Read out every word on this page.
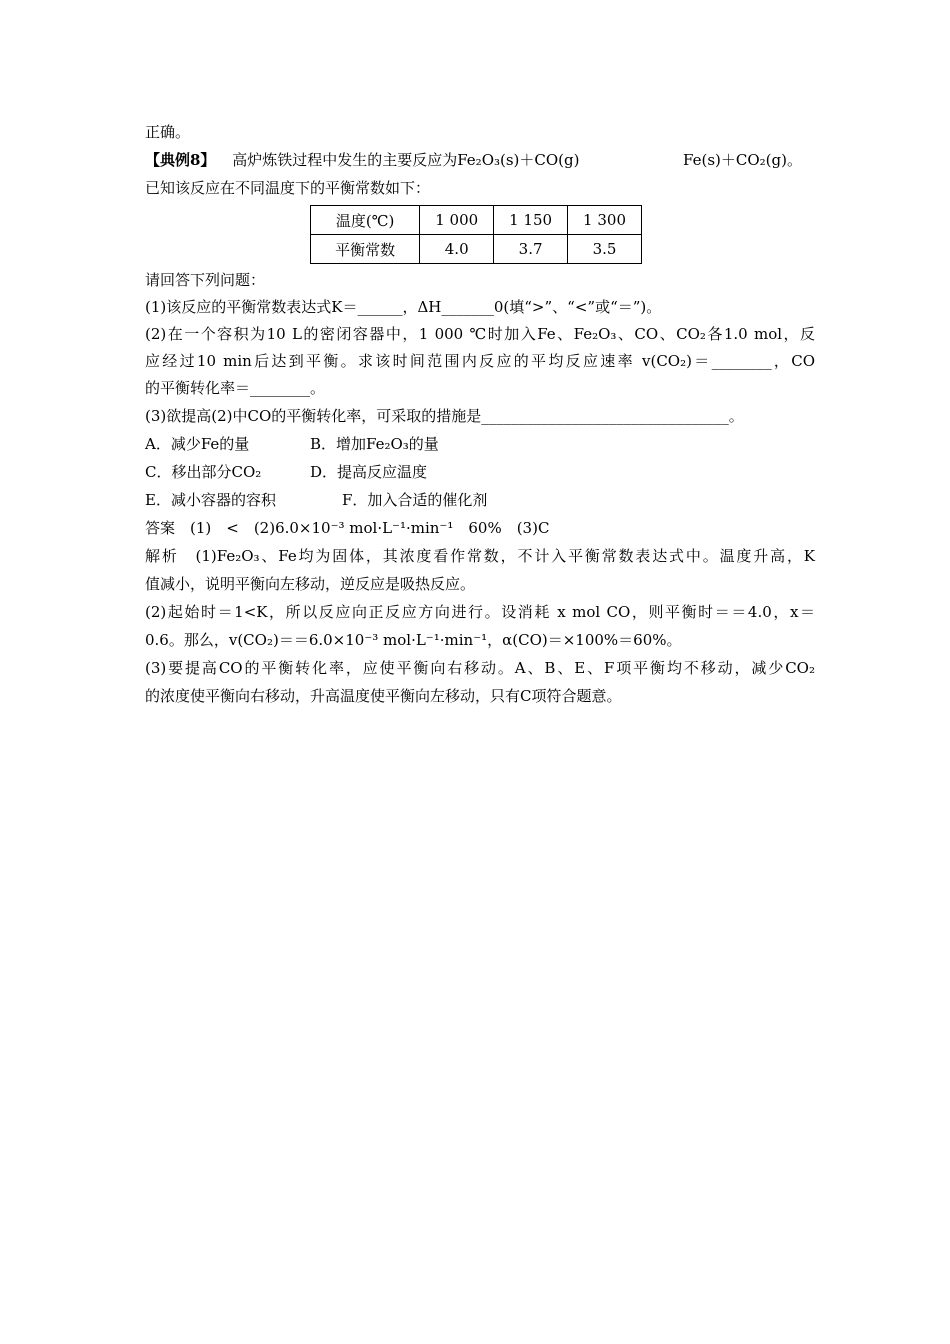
正确。
【典例8】 高炉炼铁过程中发生的主要反应为Fe₂O₃(s)＋CO(g)	Fe(s)＋CO₂(g)。
已知该反应在不同温度下的平衡常数如下：
温度(℃)	1 000	1 150	1 300
平衡常数	4.0	3.7	3.5
请回答下列问题：
(1)该反应的平衡常数表达式K＝______，ΔH_______0(填“>”、“<”或“＝”)。
(2)在一个容积为10 L的密闭容器中，1 000 ℃时加入Fe、Fe₂O₃、CO、CO₂各1.0 mol，反
应经过10 min后达到平衡。求该时间范围内反应的平均反应速率 v(CO₂)＝________，CO
的平衡转化率＝________。
(3)欲提高(2)中CO的平衡转化率，可采取的措施是_________________________________。
A．减少Fe的量	B．增加Fe₂O₃的量
C．移出部分CO₂	D．提高反应温度
E．减小容器的容积	F．加入合适的催化剂
答案　(1)　<　(2)6.0×10⁻³ mol·L⁻¹·min⁻¹　60%　(3)C
解析　(1)Fe₂O₃、Fe均为固体，其浓度看作常数，不计入平衡常数表达式中。温度升高，K
值减小，说明平衡向左移动，逆反应是吸热反应。
(2)起始时＝1<K，所以反应向正反应方向进行。设消耗 x mol CO，则平衡时＝＝4.0，x＝
0.6。那么，v(CO₂)＝＝6.0×10⁻³ mol·L⁻¹·min⁻¹，α(CO)＝×100%＝60%。
(3)要提高CO的平衡转化率，应使平衡向右移动。A、B、E、F项平衡均不移动，减少CO₂
的浓度使平衡向右移动，升高温度使平衡向左移动，只有C项符合题意。
